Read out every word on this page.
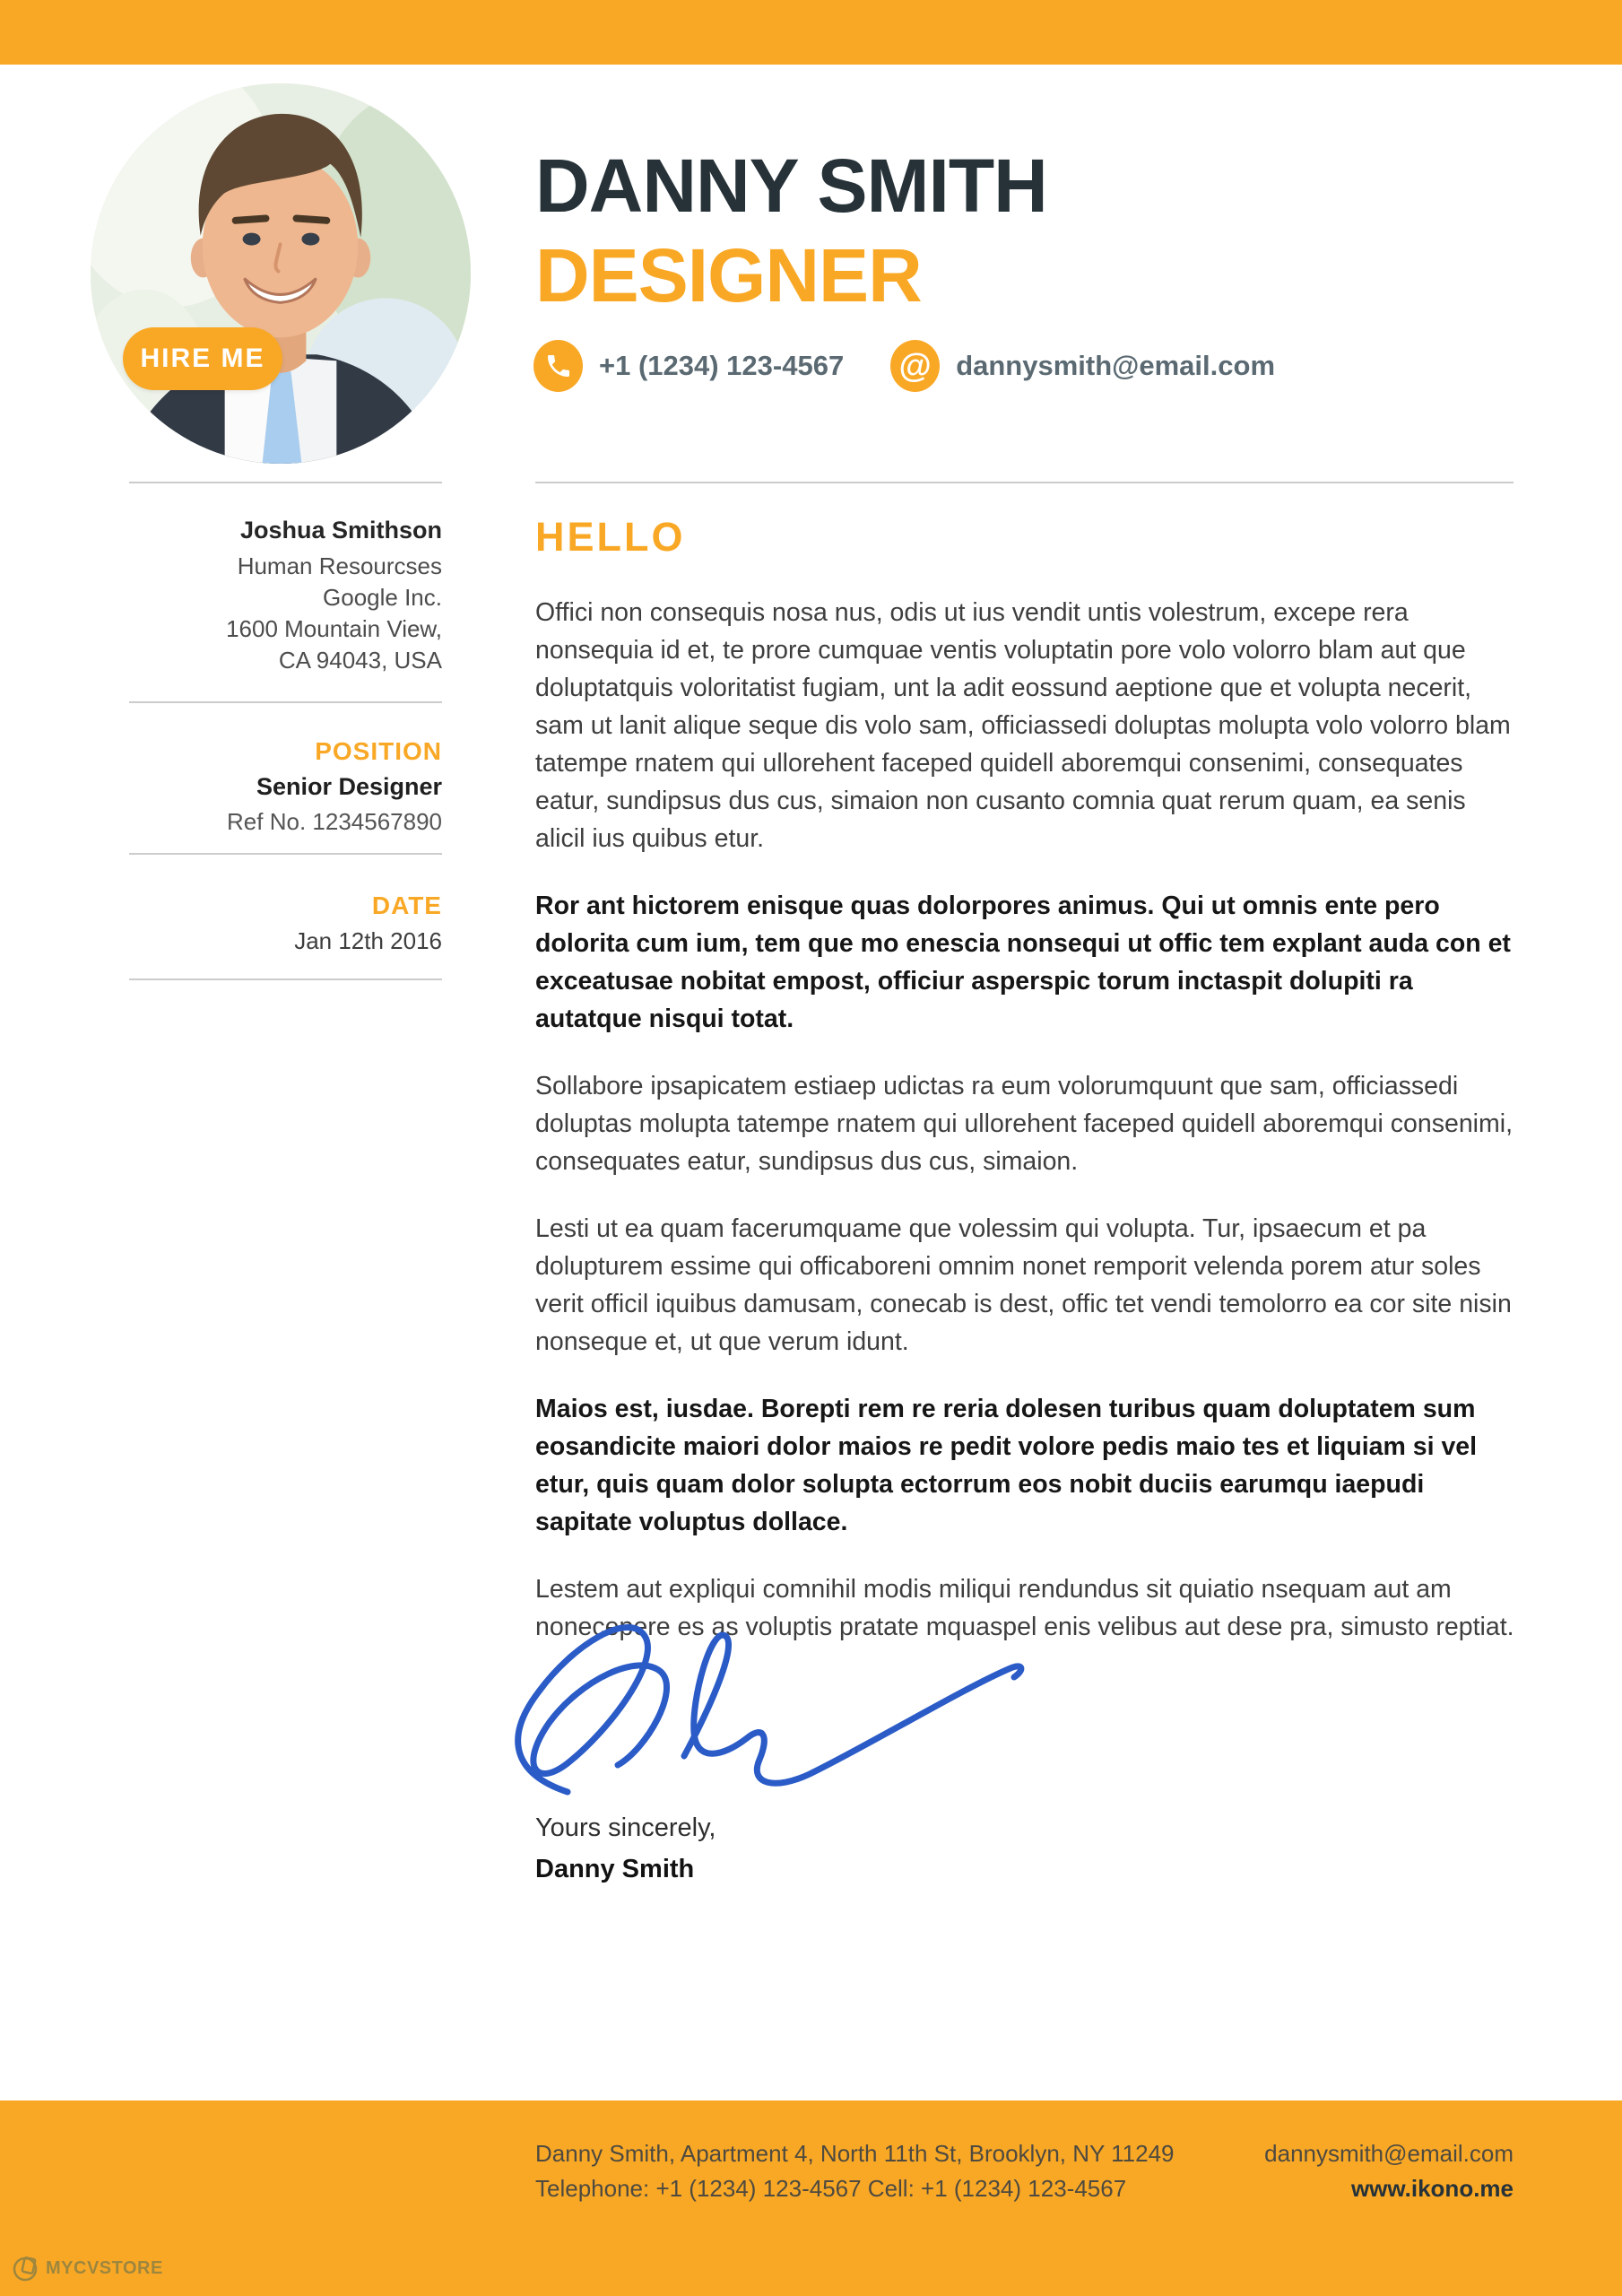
HIRE ME
DANNY SMITH
DESIGNER
+1 (1234) 123-4567 @ dannysmith@email.com

Joshua Smithson

Human Resourcses
Google Inc.
1600 Mountain View,
CA 94043, USA

POSITION

Senior Designer

Ref No. 1234567890

DATE

Jan 12th 2016

HELLO

Offici non consequis nosa nus, odis ut ius vendit untis volestrum, excepe rera nonsequia id et, te prore cumquae ventis voluptatin pore volo volorro blam aut que doluptatquis voloritatist fugiam, unt la adit eossund aeptione que et volupta necerit, sam ut lanit alique seque dis volo sam, officiassedi doluptas molupta volo volorro blam tatempe rnatem qui ullorehent faceped quidell aboremqui consenimi, consequates eatur, sundipsus dus cus, simaion non cusanto comnia quat rerum quam, ea senis alicil ius quibus etur.

Ror ant hictorem enisque quas dolorpores animus. Qui ut omnis ente pero dolorita cum ium, tem que mo enescia nonsequi ut offic tem explant auda con et exceatusae nobitat empost, officiur asperspic torum inctaspit dolupiti ra autatque nisqui totat.

Sollabore ipsapicatem estiaep udictas ra eum volorumquunt que sam, officiassedi doluptas molupta tatempe rnatem qui ullorehent faceped quidell aboremqui consenimi, consequates eatur, sundipsus dus cus, simaion.

Lesti ut ea quam facerumquame que volessim qui volupta. Tur, ipsaecum et pa dolupturem essime qui officaboreni omnim nonet remporit velenda porem atur soles verit officil iquibus damusam, conecab is dest, offic tet vendi temolorro ea cor site nisin nonseque et, ut que verum idunt.

Maios est, iusdae. Borepti rem re reria dolesen turibus quam doluptatem sum eosandicite maiori dolor maios re pedit volore pedis maio tes et liquiam si vel etur, quis quam dolor solupta ectorrum eos nobit duciis earumqu iaepudi sapitate voluptus dollace.

Lestem aut expliqui comnihil modis miliqui rendundus sit quiatio nsequam aut am nonecepere es as voluptis pratate mquaspel enis velibus aut dese pra, simusto reptiat.

Yours sincerely,

Danny Smith

Danny Smith, Apartment 4, North 11th St, Brooklyn, NY 11249
Telephone: +1 (1234) 123-4567 Cell: +1 (1234) 123-4567
dannysmith@email.com
www.ikono.me
MYCVSTORE
